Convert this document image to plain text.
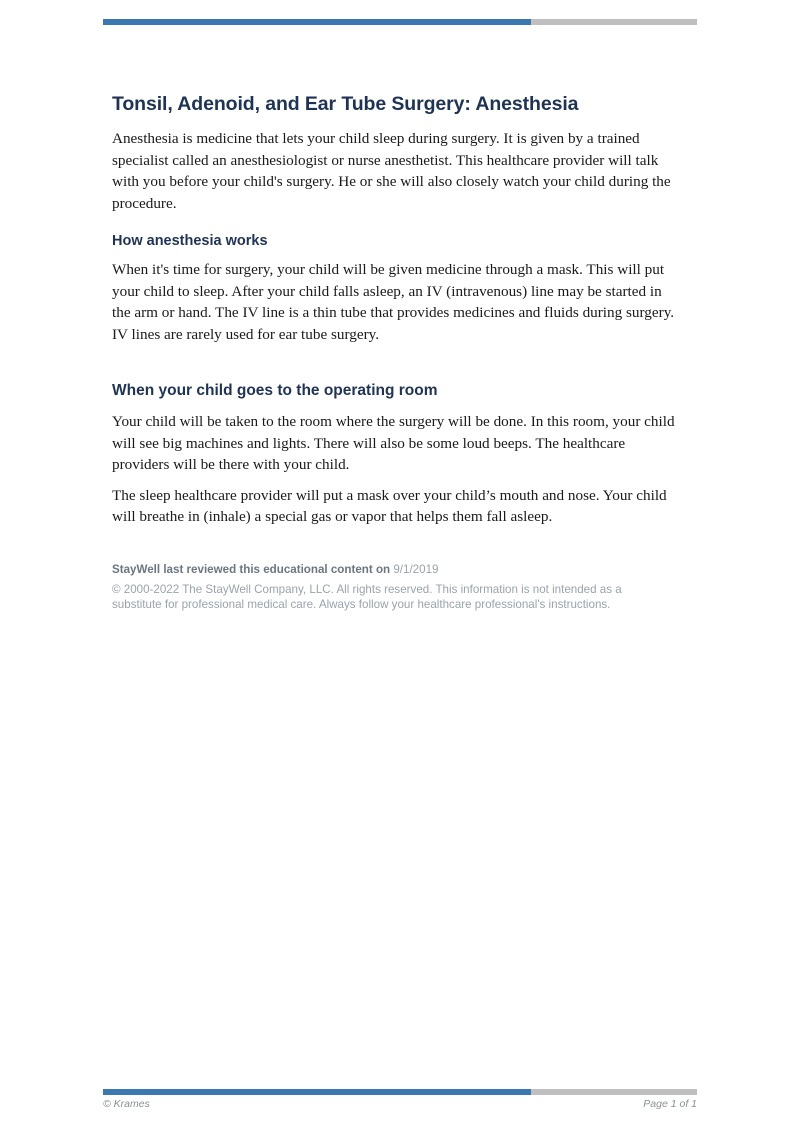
Tonsil, Adenoid, and Ear Tube Surgery: Anesthesia

Anesthesia is medicine that lets your child sleep during surgery. It is given by a trained specialist called an anesthesiologist or nurse anesthetist. This healthcare provider will talk with you before your child's surgery. He or she will also closely watch your child during the procedure.

How anesthesia works

When it's time for surgery, your child will be given medicine through a mask. This will put your child to sleep. After your child falls asleep, an IV (intravenous) line may be started in the arm or hand. The IV line is a thin tube that provides medicines and fluids during surgery. IV lines are rarely used for ear tube surgery.

When your child goes to the operating room

Your child will be taken to the room where the surgery will be done. In this room, your child will see big machines and lights. There will also be some loud beeps. The healthcare providers will be there with your child.

The sleep healthcare provider will put a mask over your child’s mouth and nose. Your child will breathe in (inhale) a special gas or vapor that helps them fall asleep.

StayWell last reviewed this educational content on 9/1/2019

© 2000-2022 The StayWell Company, LLC. All rights reserved. This information is not intended as a substitute for professional medical care. Always follow your healthcare professional's instructions.

© Krames	Page 1 of 1
